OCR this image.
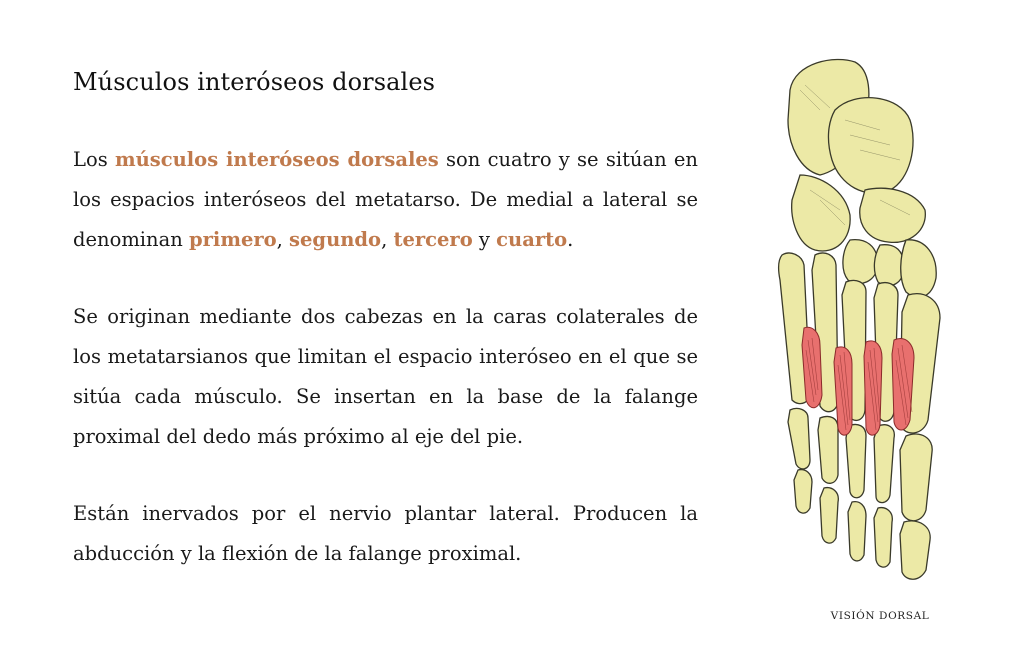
Músculos interóseos dorsales

Los músculos interóseos dorsales son cuatro y se sitúan en los espacios interóseos del metatarso. De medial a lateral se denominan primero, segundo, tercero y cuarto.

Se originan mediante dos cabezas en la caras colaterales de los metatarsianos que limitan el espacio interóseo en el que se sitúa cada músculo. Se insertan en la base de la falange proximal del dedo más próximo al eje del pie.

Están inervados por el nervio plantar lateral. Producen la abducción y la flexión de la falange proximal.

VISIÓN DORSAL
